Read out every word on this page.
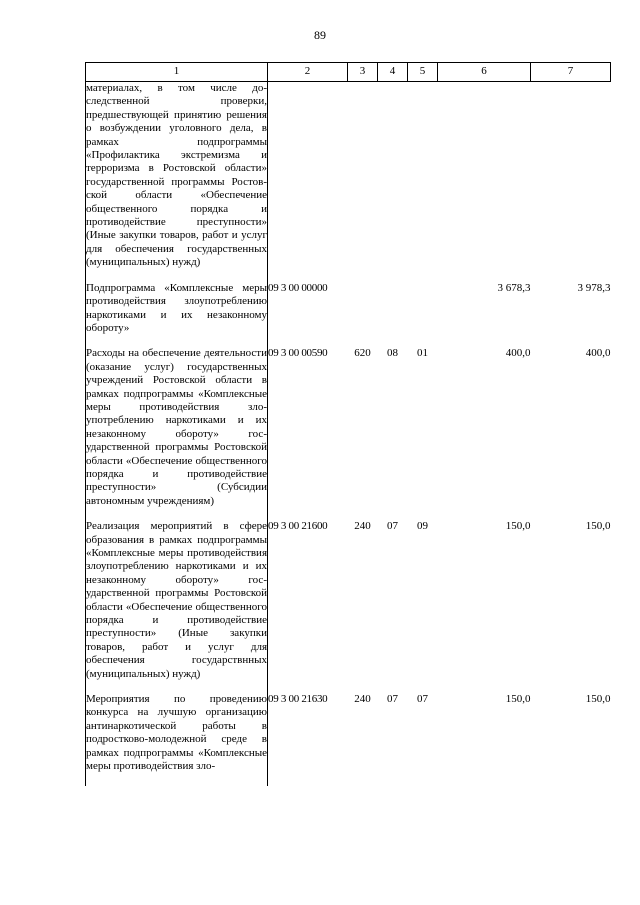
89
1	2	3	4	5	6	7
материалах, в том числе доследственной проверки, предшествующей принятию решения о возбуждении уголовного дела, в рамках подпрограммы «Профилактика экстремизма и терроризма в Ростовской области» государственной программы Ростовской области «Обеспечение общественного порядка и противодействие преступности» (Иные закупки товаров, работ и услуг для обеспечения государственных (муниципальных) нужд)						
Подпрограмма «Комплексные меры противодействия злоупотреблению наркотиками и их незаконному обороту»	09 3 00 00000				3 678,3	3 978,3
Расходы на обеспечение деятельности (оказание услуг) государственных учреждений Ростовской области в рамках подпрограммы «Комплексные меры противодействия злоупотреблению наркотиками и их незаконному обороту» государственной программы Ростовской области «Обеспечение общественного порядка и противодействие преступности» (Субсидии автономным учреждениям)	09 3 00 00590	620	08	01	400,0	400,0
Реализация мероприятий в сфере образования в рамках подпрограммы «Комплексные меры противодействия злоупотреблению наркотиками и их незаконному обороту» государственной программы Ростовской области «Обеспечение общественного порядка и противодействие преступности» (Иные закупки товаров, работ и услуг для обеспечения государствнных (муниципальных) нужд)	09 3 00 21600	240	07	09	150,0	150,0
Мероприятия по проведению конкурса на лучшую организацию антинаркотической работы в подростково-молодежной среде в рамках подпрограммы «Комплексные меры противодействия зло-	09 3 00 21630	240	07	07	150,0	150,0
